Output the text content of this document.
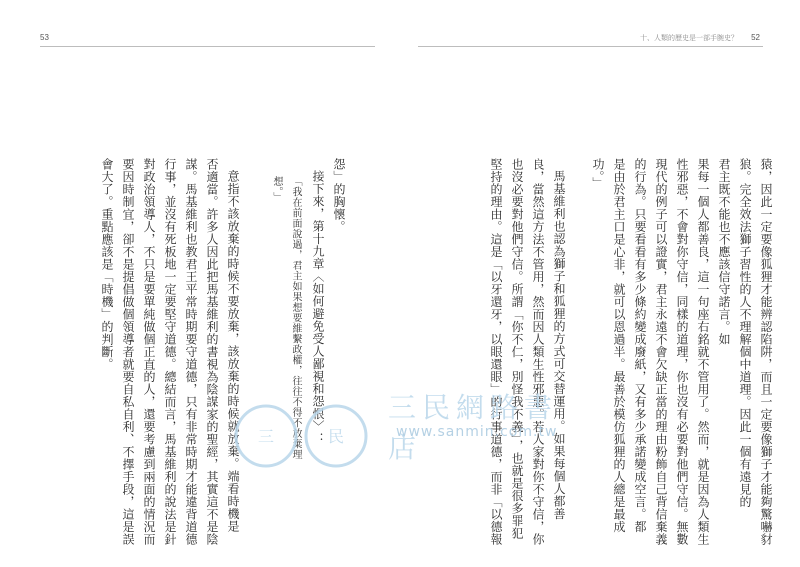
53	十、人類的歷史是一部手腕史？ 52
猿，因此一定要像狐狸才能辨認陷阱，而且一定要像獅子才能夠驚嚇豺
狼。完全效法獅子習性的人不理解個中道理。因此一個有遠見的
君主既不能也不應該信守諾言。如
果每一個人都善良，這一句座右銘就不管用了。然而，就是因為人類生
性邪惡，不會對你守信，同樣的道理，你也沒有必要對他們守信。無數
現代的例子可以證實，君主永遠不會欠缺正當的理由粉飾自己背信棄義
的行為。只要看看有多少條約變成廢紙，又有多少承諾變成空言。都
是由於君主口是心非，就可以恩過半。最善於模仿狐狸的人總是最成
功。」
馬基維利也認為獅子和狐狸的方式可交替運用。如果每個人都善
良，當然這方法不管用，然而因人類生性邪惡。若人家對你不守信，你
也沒必要對他們守信。所謂「你不仁，別怪我不義」，也就是很多罪犯
堅持的理由。這是「以牙還牙，以眼還眼」的行事道德，而非「以德報
怨」的胸懷。
接下來，第十九章〈如何避免受人鄙視和怨恨〉：
「我在前面說過，君主如果想要維繫政權，往往不得不放棄理
想。」
意指不該放棄的時候不要放棄，該放棄的時候就放棄。端看時機是
否適當。許多人因此把馬基維利的書視為陰謀家的聖經，其實這不是陰
謀。馬基維利也教君王平常時期要守道德，只有非常時期才能違背道德
行事，並沒有死板地一定要堅守道德。總結而言，馬基維利的說法是針
對政治領導人，不只是要單純做個正直的人，還要考慮到兩面的情況而
要因時制宜，卻不是提倡做個領導者就要自私自利、不擇手段，這是誤
會大了。重點應該是「時機」的判斷。
三	民
三民網路書店
www.sanmin.com.tw
